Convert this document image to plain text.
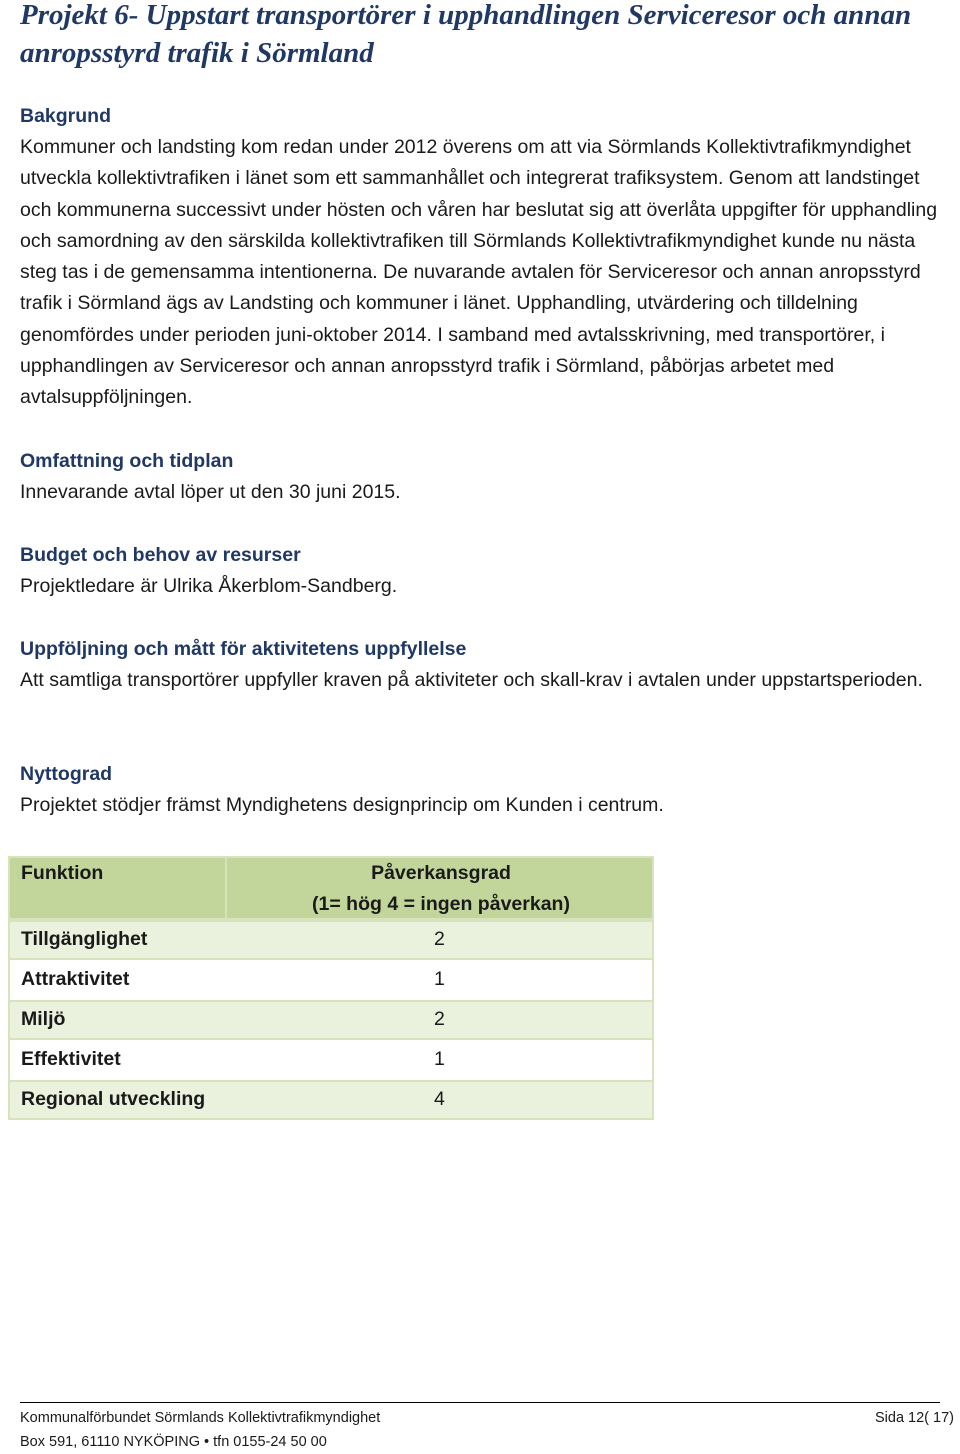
Projekt 6- Uppstart transportörer i upphandlingen Serviceresor och annan anropsstyrd trafik i Sörmland
Bakgrund

Kommuner och landsting kom redan under 2012 överens om att via Sörmlands Kollektivtrafikmyndighet utveckla kollektivtrafiken i länet som ett sammanhållet och integrerat trafiksystem. Genom att landstinget och kommunerna successivt under hösten och våren har beslutat sig att överlåta uppgifter för upphandling och samordning av den särskilda kollektivtrafiken till Sörmlands Kollektivtrafikmyndighet kunde nu nästa steg tas i de gemensamma intentionerna. De nuvarande avtalen för Serviceresor och annan anropsstyrd trafik i Sörmland ägs av Landsting och kommuner i länet. Upphandling, utvärdering och tilldelning genomfördes under perioden juni-oktober 2014. I samband med avtalsskrivning, med transportörer, i upphandlingen av Serviceresor och annan anropsstyrd trafik i Sörmland, påbörjas arbetet med avtalsuppföljningen.

Omfattning och tidplan

Innevarande avtal löper ut den 30 juni 2015.

Budget och behov av resurser

Projektledare är Ulrika Åkerblom-Sandberg.

Uppföljning och mått för aktivitetens uppfyllelse

Att samtliga transportörer uppfyller kraven på aktiviteter och skall-krav i avtalen under uppstartsperioden.

Nyttograd

Projektet stödjer främst Myndighetens designprincip om Kunden i centrum.

Funktion	Påverkansgrad
(1= hög 4 = ingen påverkan)
Tillgänglighet	2
Attraktivitet	1
Miljö	2
Effektivitet	1
Regional utveckling	4
Kommunalförbundet Sörmlands Kollektivtrafikmyndighet	Sida 12( 17)
Box 591, 61110 NYKÖPING • tfn 0155-24 50 00
